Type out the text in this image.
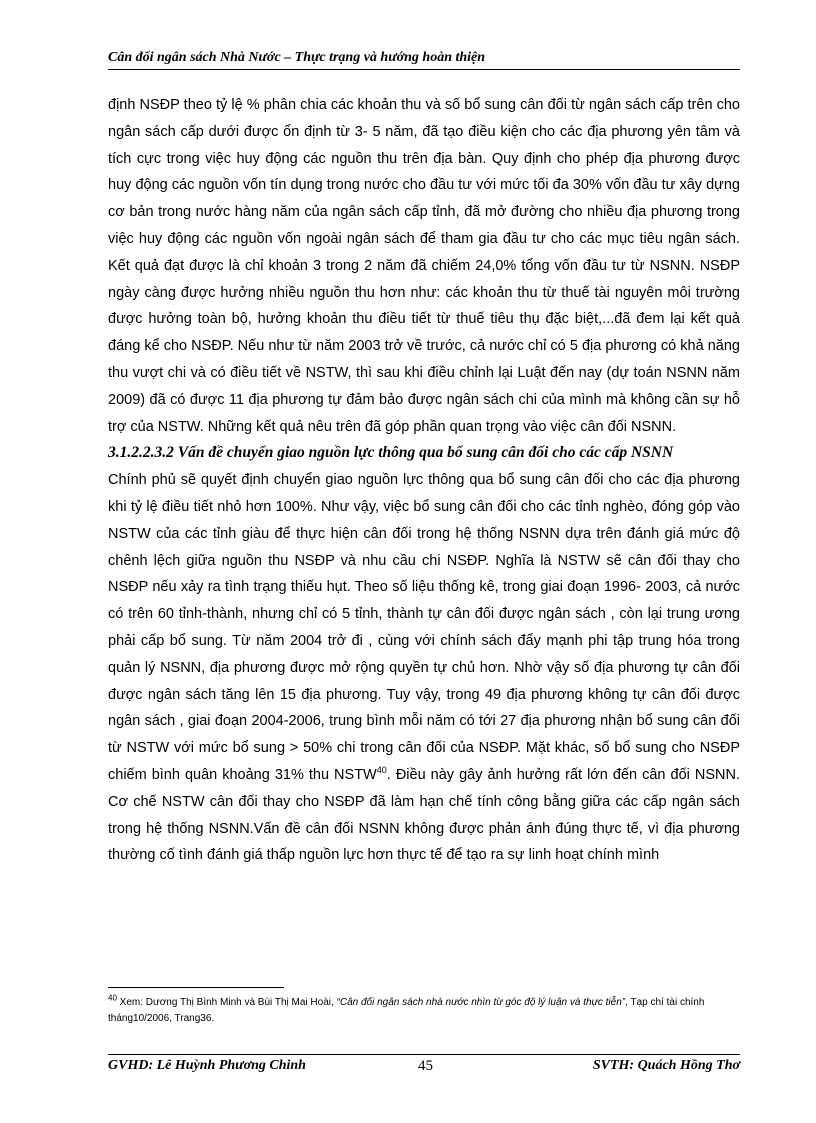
Cân đối ngân sách Nhà Nước – Thực trạng và hướng hoàn thiện

định NSĐP theo tỷ lệ % phân chia các khoản thu và số bổ sung cân đối từ ngân sách cấp trên cho ngân sách cấp dưới được ổn định từ 3- 5 năm, đã tạo điều kiện cho các địa phương yên tâm và tích cực trong việc huy động các nguồn thu trên địa bàn. Quy định cho phép địa phương được huy động các nguồn vốn tín dụng trong nước cho đầu tư với mức tối đa 30% vốn đầu tư xây dựng cơ bản trong nước hàng năm của ngân sách cấp tỉnh, đã mở đường cho nhiều địa phương trong việc huy động các nguồn vốn ngoài ngân sách để tham gia đầu tư cho các mục tiêu ngân sách. Kết quả đạt được là chỉ khoản 3 trong 2 năm đã chiếm 24,0% tổng vốn đầu tư từ NSNN. NSĐP ngày càng được hưởng nhiều nguồn thu hơn như: các khoản thu từ thuế tài nguyên môi trường được hưởng toàn bộ, hưởng khoản thu điều tiết từ thuế tiêu thụ đặc biệt,...đã đem lại kết quả đáng kể cho NSĐP. Nếu như từ năm 2003 trở về trước, cả nước chỉ có 5 địa phương có khả năng thu vượt chi và có điều tiết về NSTW, thì sau khi điều chỉnh lại Luật đến nay (dự toán NSNN năm 2009) đã có được 11 địa phương tự đảm bảo được ngân sách chi của mình mà không cần sự hỗ trợ của NSTW. Những kết quả nêu trên đã góp phần quan trọng vào việc cân đối NSNN.

3.1.2.2.3.2 Vấn đề chuyển giao nguồn lực thông qua bổ sung cân đối cho các cấp NSNN

Chính phủ sẽ quyết định chuyển giao nguồn lực thông qua bổ sung cân đối cho các địa phương khi tỷ lệ điều tiết nhỏ hơn 100%. Như vậy, việc bổ sung cân đối cho các tỉnh nghèo, đóng góp vào NSTW của các tỉnh giàu để thực hiện cân đối trong hệ thống NSNN dựa trên đánh giá mức độ chênh lệch giữa nguồn thu NSĐP và nhu cầu chi NSĐP. Nghĩa là NSTW sẽ cân đối thay cho NSĐP nếu xảy ra tình trạng thiếu hụt. Theo số liệu thống kê, trong giai đoạn 1996- 2003, cả nước có trên 60 tỉnh-thành, nhưng chỉ có 5 tỉnh, thành tự cân đối được ngân sách , còn lại trung ương phải cấp bổ sung. Từ năm 2004 trở đi , cùng với chính sách đẩy mạnh phi tập trung hóa trong quản lý NSNN, địa phương được mở rộng quyền tự chủ hơn. Nhờ vậy số địa phương tự cân đối được ngân sách tăng lên 15 địa phương. Tuy vậy, trong 49 địa phương không tự cân đối được ngân sách , giai đoạn 2004-2006, trung bình mỗi năm có tới 27 địa phương nhận bổ sung cân đối từ NSTW với mức bổ sung > 50% chi trong cân đối của NSĐP. Mặt khác, số bổ sung cho NSĐP chiếm bình quân khoảng 31% thu NSTW$^{40}$. Điều này gây ảnh hưởng rất lớn đến cân đối NSNN. Cơ chế NSTW cân đối thay cho NSĐP đã làm hạn chế tính công bằng giữa các cấp ngân sách trong hệ thống NSNN.Vấn đề cân đối NSNN không được phản ánh đúng thực tế, vì địa phương thường cố tình đánh giá thấp nguồn lực hơn thực tế để tạo ra sự linh hoạt chính mình

$^{40}$ Xem: Dương Thị Bình Minh và Bùi Thị Mai Hoài, “Cân đối ngân sách nhà nước nhìn từ góc độ lý luận và thực tiễn”, Tạp chí tài chính tháng10/2006, Trang36.
GVHD: Lê Huỳnh Phương Chinh	45	SVTH: Quách Hồng Thơ
